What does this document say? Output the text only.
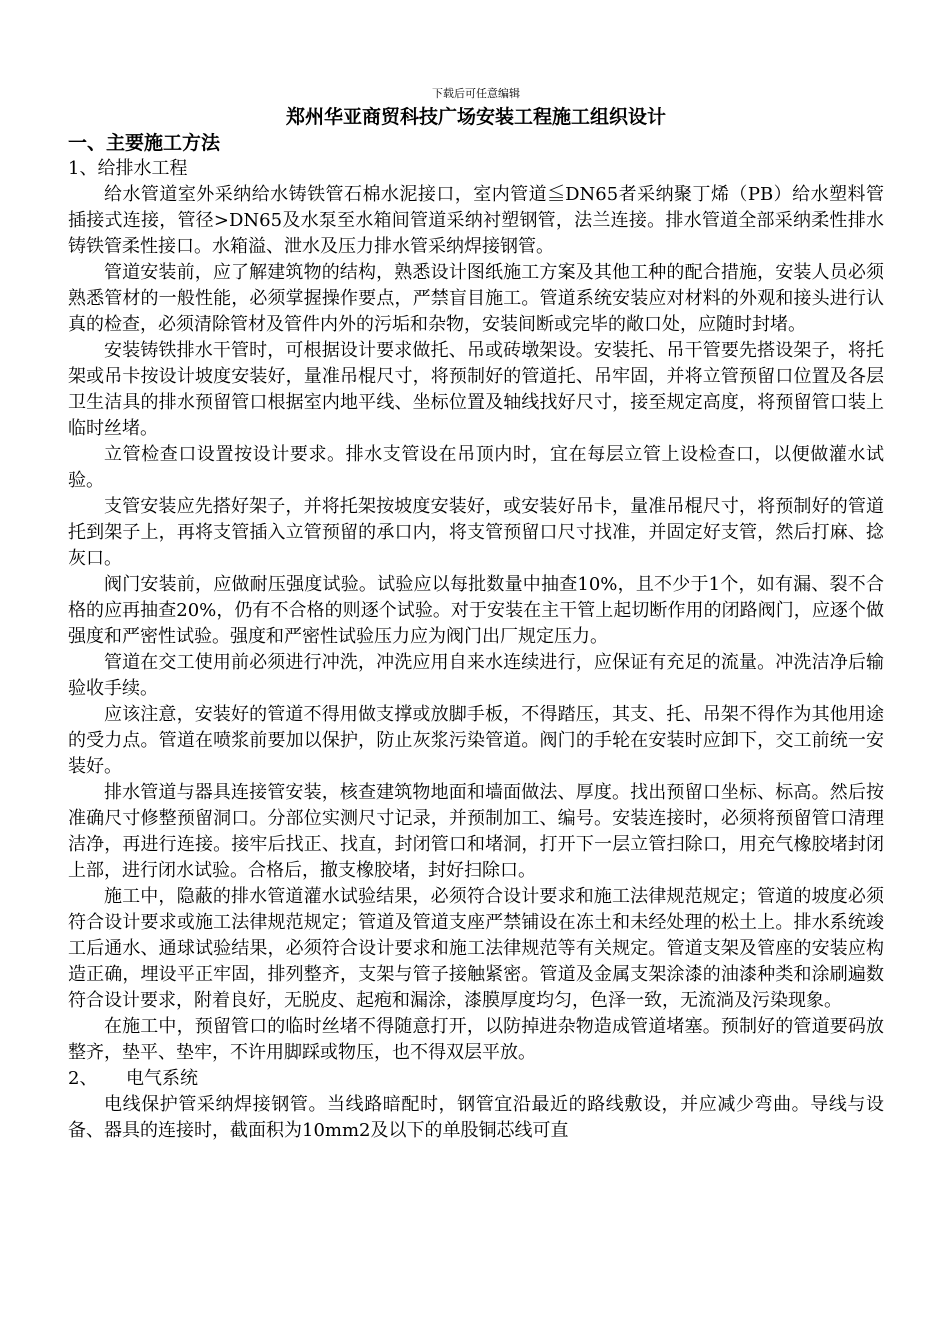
下载后可任意编辑
郑州华亚商贸科技广场安装工程施工组织设计
一、主要施工方法
1、给排水工程

给水管道室外采纳给水铸铁管石棉水泥接口，室内管道≦DN65者采纳聚丁烯（PB）给水塑料管插接式连接，管径>DN65及水泵至水箱间管道采纳衬塑钢管，法兰连接。排水管道全部采纳柔性排水铸铁管柔性接口。水箱溢、泄水及压力排水管采纳焊接钢管。

管道安装前，应了解建筑物的结构，熟悉设计图纸施工方案及其他工种的配合措施，安装人员必须熟悉管材的一般性能，必须掌握操作要点，严禁盲目施工。管道系统安装应对材料的外观和接头进行认真的检查，必须清除管材及管件内外的污垢和杂物，安装间断或完毕的敞口处，应随时封堵。

安装铸铁排水干管时，可根据设计要求做托、吊或砖墩架设。安装托、吊干管要先搭设架子，将托架或吊卡按设计坡度安装好，量准吊棍尺寸，将预制好的管道托、吊牢固，并将立管预留口位置及各层卫生洁具的排水预留管口根据室内地平线、坐标位置及轴线找好尺寸，接至规定高度，将预留管口装上临时丝堵。

立管检查口设置按设计要求。排水支管设在吊顶内时，宜在每层立管上设检查口，以便做灌水试验。

支管安装应先搭好架子，并将托架按坡度安装好，或安装好吊卡，量准吊棍尺寸，将预制好的管道托到架子上，再将支管插入立管预留的承口内，将支管预留口尺寸找准，并固定好支管，然后打麻、捻灰口。

阀门安装前，应做耐压强度试验。试验应以每批数量中抽查10%，且不少于1个，如有漏、裂不合格的应再抽查20%，仍有不合格的则逐个试验。对于安装在主干管上起切断作用的闭路阀门，应逐个做强度和严密性试验。强度和严密性试验压力应为阀门出厂规定压力。

管道在交工使用前必须进行冲洗，冲洗应用自来水连续进行，应保证有充足的流量。冲洗洁净后输验收手续。

应该注意，安装好的管道不得用做支撑或放脚手板，不得踏压，其支、托、吊架不得作为其他用途的受力点。管道在喷浆前要加以保护，防止灰浆污染管道。阀门的手轮在安装时应卸下，交工前统一安装好。

排水管道与器具连接管安装，核查建筑物地面和墙面做法、厚度。找出预留口坐标、标高。然后按准确尺寸修整预留洞口。分部位实测尺寸记录，并预制加工、编号。安装连接时，必须将预留管口清理洁净，再进行连接。接牢后找正、找直，封闭管口和堵洞，打开下一层立管扫除口，用充气橡胶堵封闭上部，进行闭水试验。合格后，撤支橡胶堵，封好扫除口。

施工中，隐蔽的排水管道灌水试验结果，必须符合设计要求和施工法律规范规定；管道的坡度必须符合设计要求或施工法律规范规定；管道及管道支座严禁铺设在冻土和未经处理的松土上。排水系统竣工后通水、通球试验结果，必须符合设计要求和施工法律规范等有关规定。管道支架及管座的安装应构造正确，埋设平正牢固，排列整齐，支架与管子接触紧密。管道及金属支架涂漆的油漆种类和涂刷遍数符合设计要求，附着良好，无脱皮、起疱和漏涂，漆膜厚度均匀，色泽一致，无流淌及污染现象。

在施工中，预留管口的临时丝堵不得随意打开，以防掉进杂物造成管道堵塞。预制好的管道要码放整齐，垫平、垫牢，不许用脚踩或物压，也不得双层平放。

2、 电气系统

电线保护管采纳焊接钢管。当线路暗配时，钢管宜沿最近的路线敷设，并应减少弯曲。导线与设备、器具的连接时，截面积为10mm2及以下的单股铜芯线可直
